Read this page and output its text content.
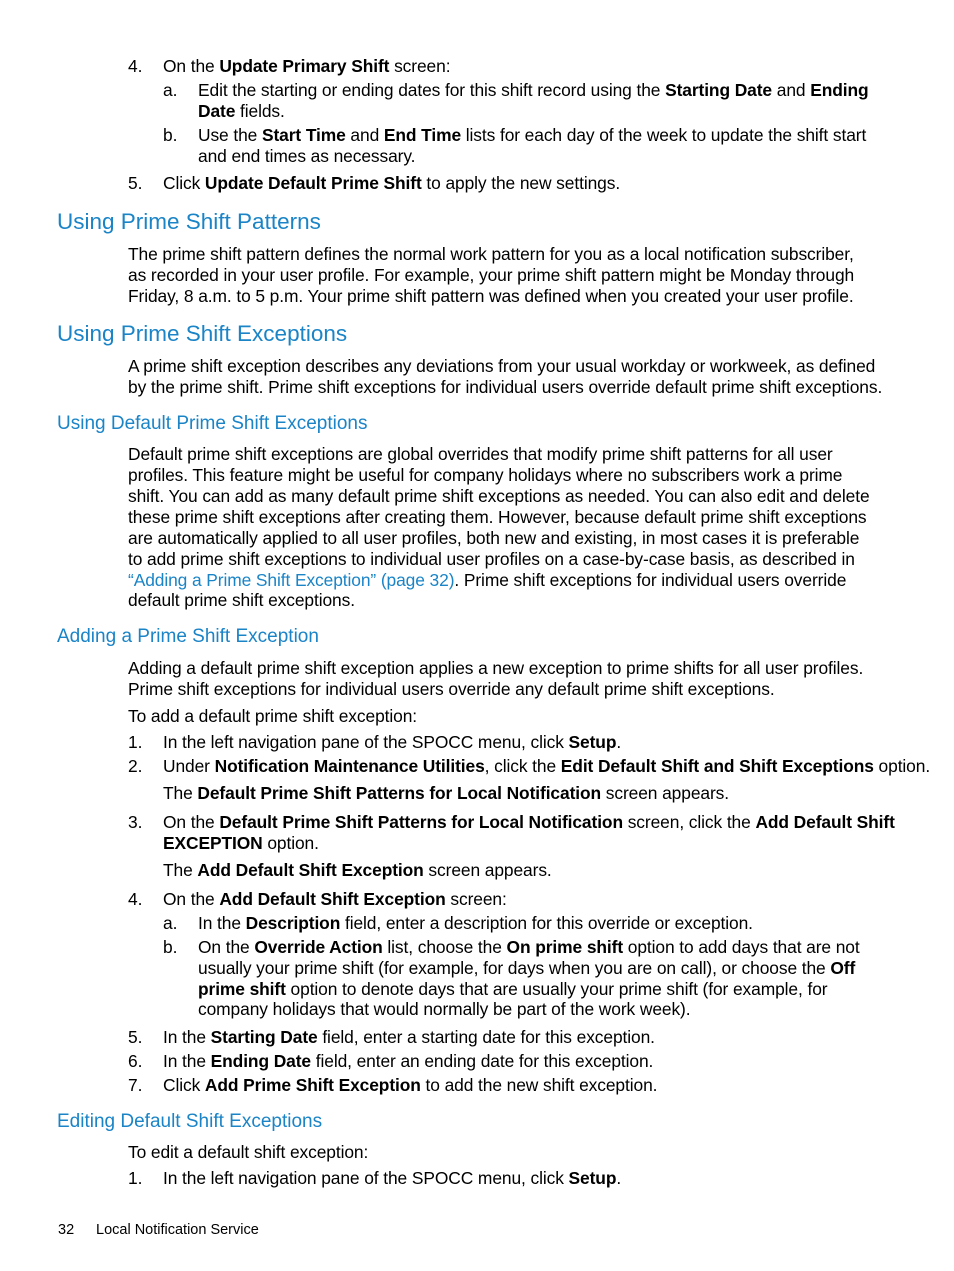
4. On the Update Primary Shift screen:
a. Edit the starting or ending dates for this shift record using the Starting Date and Ending
Date fields.
b. Use the Start Time and End Time lists for each day of the week to update the shift start
and end times as necessary.
5. Click Update Default Prime Shift to apply the new settings.
Using Prime Shift Patterns
The prime shift pattern defines the normal work pattern for you as a local notification subscriber,
as recorded in your user profile. For example, your prime shift pattern might be Monday through
Friday, 8 a.m. to 5 p.m. Your prime shift pattern was defined when you created your user profile.
Using Prime Shift Exceptions
A prime shift exception describes any deviations from your usual workday or workweek, as defined
by the prime shift. Prime shift exceptions for individual users override default prime shift exceptions.
Using Default Prime Shift Exceptions
Default prime shift exceptions are global overrides that modify prime shift patterns for all user
profiles. This feature might be useful for company holidays where no subscribers work a prime
shift. You can add as many default prime shift exceptions as needed. You can also edit and delete
these prime shift exceptions after creating them. However, because default prime shift exceptions
are automatically applied to all user profiles, both new and existing, in most cases it is preferable
to add prime shift exceptions to individual user profiles on a case-by-case basis, as described in
“Adding a Prime Shift Exception” (page 32). Prime shift exceptions for individual users override
default prime shift exceptions.
Adding a Prime Shift Exception
Adding a default prime shift exception applies a new exception to prime shifts for all user profiles.
Prime shift exceptions for individual users override any default prime shift exceptions.
To add a default prime shift exception:
1. In the left navigation pane of the SPOCC menu, click Setup.
2. Under Notification Maintenance Utilities, click the Edit Default Shift and Shift Exceptions option.
The Default Prime Shift Patterns for Local Notification screen appears.
3. On the Default Prime Shift Patterns for Local Notification screen, click the Add Default Shift
EXCEPTION option.
The Add Default Shift Exception screen appears.
4. On the Add Default Shift Exception screen:
a. In the Description field, enter a description for this override or exception.
b. On the Override Action list, choose the On prime shift option to add days that are not
usually your prime shift (for example, for days when you are on call), or choose the Off
prime shift option to denote days that are usually your prime shift (for example, for
company holidays that would normally be part of the work week).
5. In the Starting Date field, enter a starting date for this exception.
6. In the Ending Date field, enter an ending date for this exception.
7. Click Add Prime Shift Exception to add the new shift exception.
Editing Default Shift Exceptions
To edit a default shift exception:
1. In the left navigation pane of the SPOCC menu, click Setup.
32 Local Notification Service
